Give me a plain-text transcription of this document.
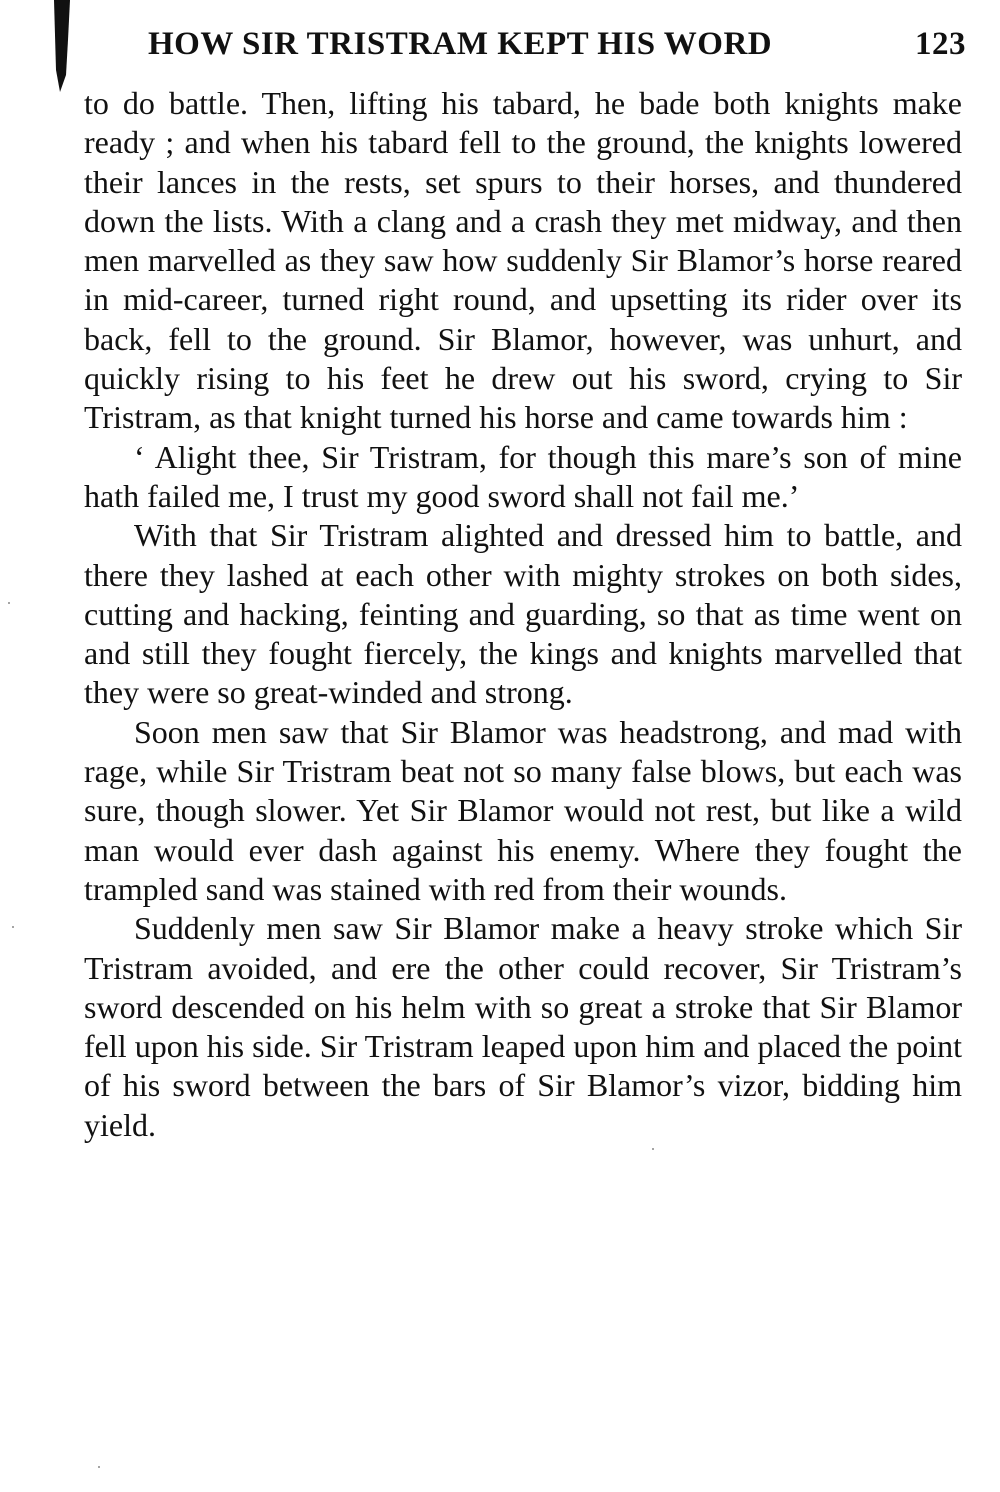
HOW SIR TRISTRAM KEPT HIS WORD	123

to do battle. Then, lifting his tabard, he bade both knights make ready ; and when his tabard fell to the ground, the knights lowered their lances in the rests, set spurs to their horses, and thundered down the lists. With a clang and a crash they met midway, and then men marvelled as they saw how suddenly Sir Blamor’s horse reared in mid-career, turned right round, and upsetting its rider over its back, fell to the ground. Sir Blamor, however, was unhurt, and quickly rising to his feet he drew out his sword, crying to Sir Tristram, as that knight turned his horse and came towards him :

‘ Alight thee, Sir Tristram, for though this mare’s son of mine hath failed me, I trust my good sword shall not fail me.’

With that Sir Tristram alighted and dressed him to battle, and there they lashed at each other with mighty strokes on both sides, cutting and hacking, feinting and guarding, so that as time went on and still they fought fiercely, the kings and knights marvelled that they were so great-winded and strong.

Soon men saw that Sir Blamor was headstrong, and mad with rage, while Sir Tristram beat not so many false blows, but each was sure, though slower. Yet Sir Blamor would not rest, but like a wild man would ever dash against his enemy. Where they fought the trampled sand was stained with red from their wounds.

Suddenly men saw Sir Blamor make a heavy stroke which Sir Tristram avoided, and ere the other could recover, Sir Tristram’s sword descended on his helm with so great a stroke that Sir Blamor fell upon his side. Sir Tristram leaped upon him and placed the point of his sword between the bars of Sir Blamor’s vizor, bidding him yield.
